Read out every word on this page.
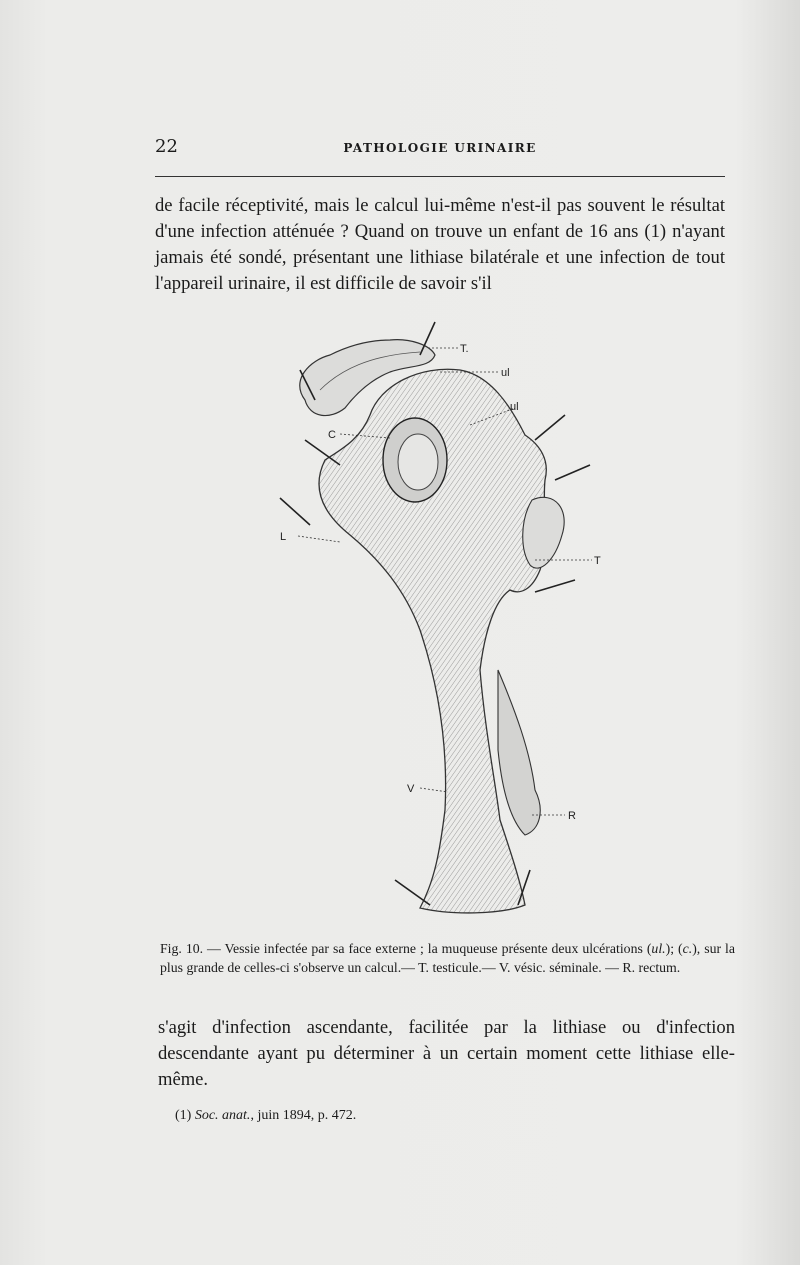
22	PATHOLOGIE URINAIRE

de facile réceptivité, mais le calcul lui-même n'est-il pas souvent le résultat d'une infection atténuée ? Quand on trouve un enfant de 16 ans (1) n'ayant jamais été sondé, présentant une lithiase bilatérale et une infection de tout l'appareil urinaire, il est difficile de savoir s'il

T.
ul
ul
C
L
T
V
R

Fig. 10. — Vessie infectée par sa face externe ; la muqueuse présente deux ulcérations (ul.); (c.), sur la plus grande de celles-ci s'observe un calcul.— T. testicule.— V. vésic. séminale. — R. rectum.

s'agit d'infection ascendante, facilitée par la lithiase ou d'infection descendante ayant pu déterminer à un certain moment cette lithiase elle-même.

(1) Soc. anat., juin 1894, p. 472.
